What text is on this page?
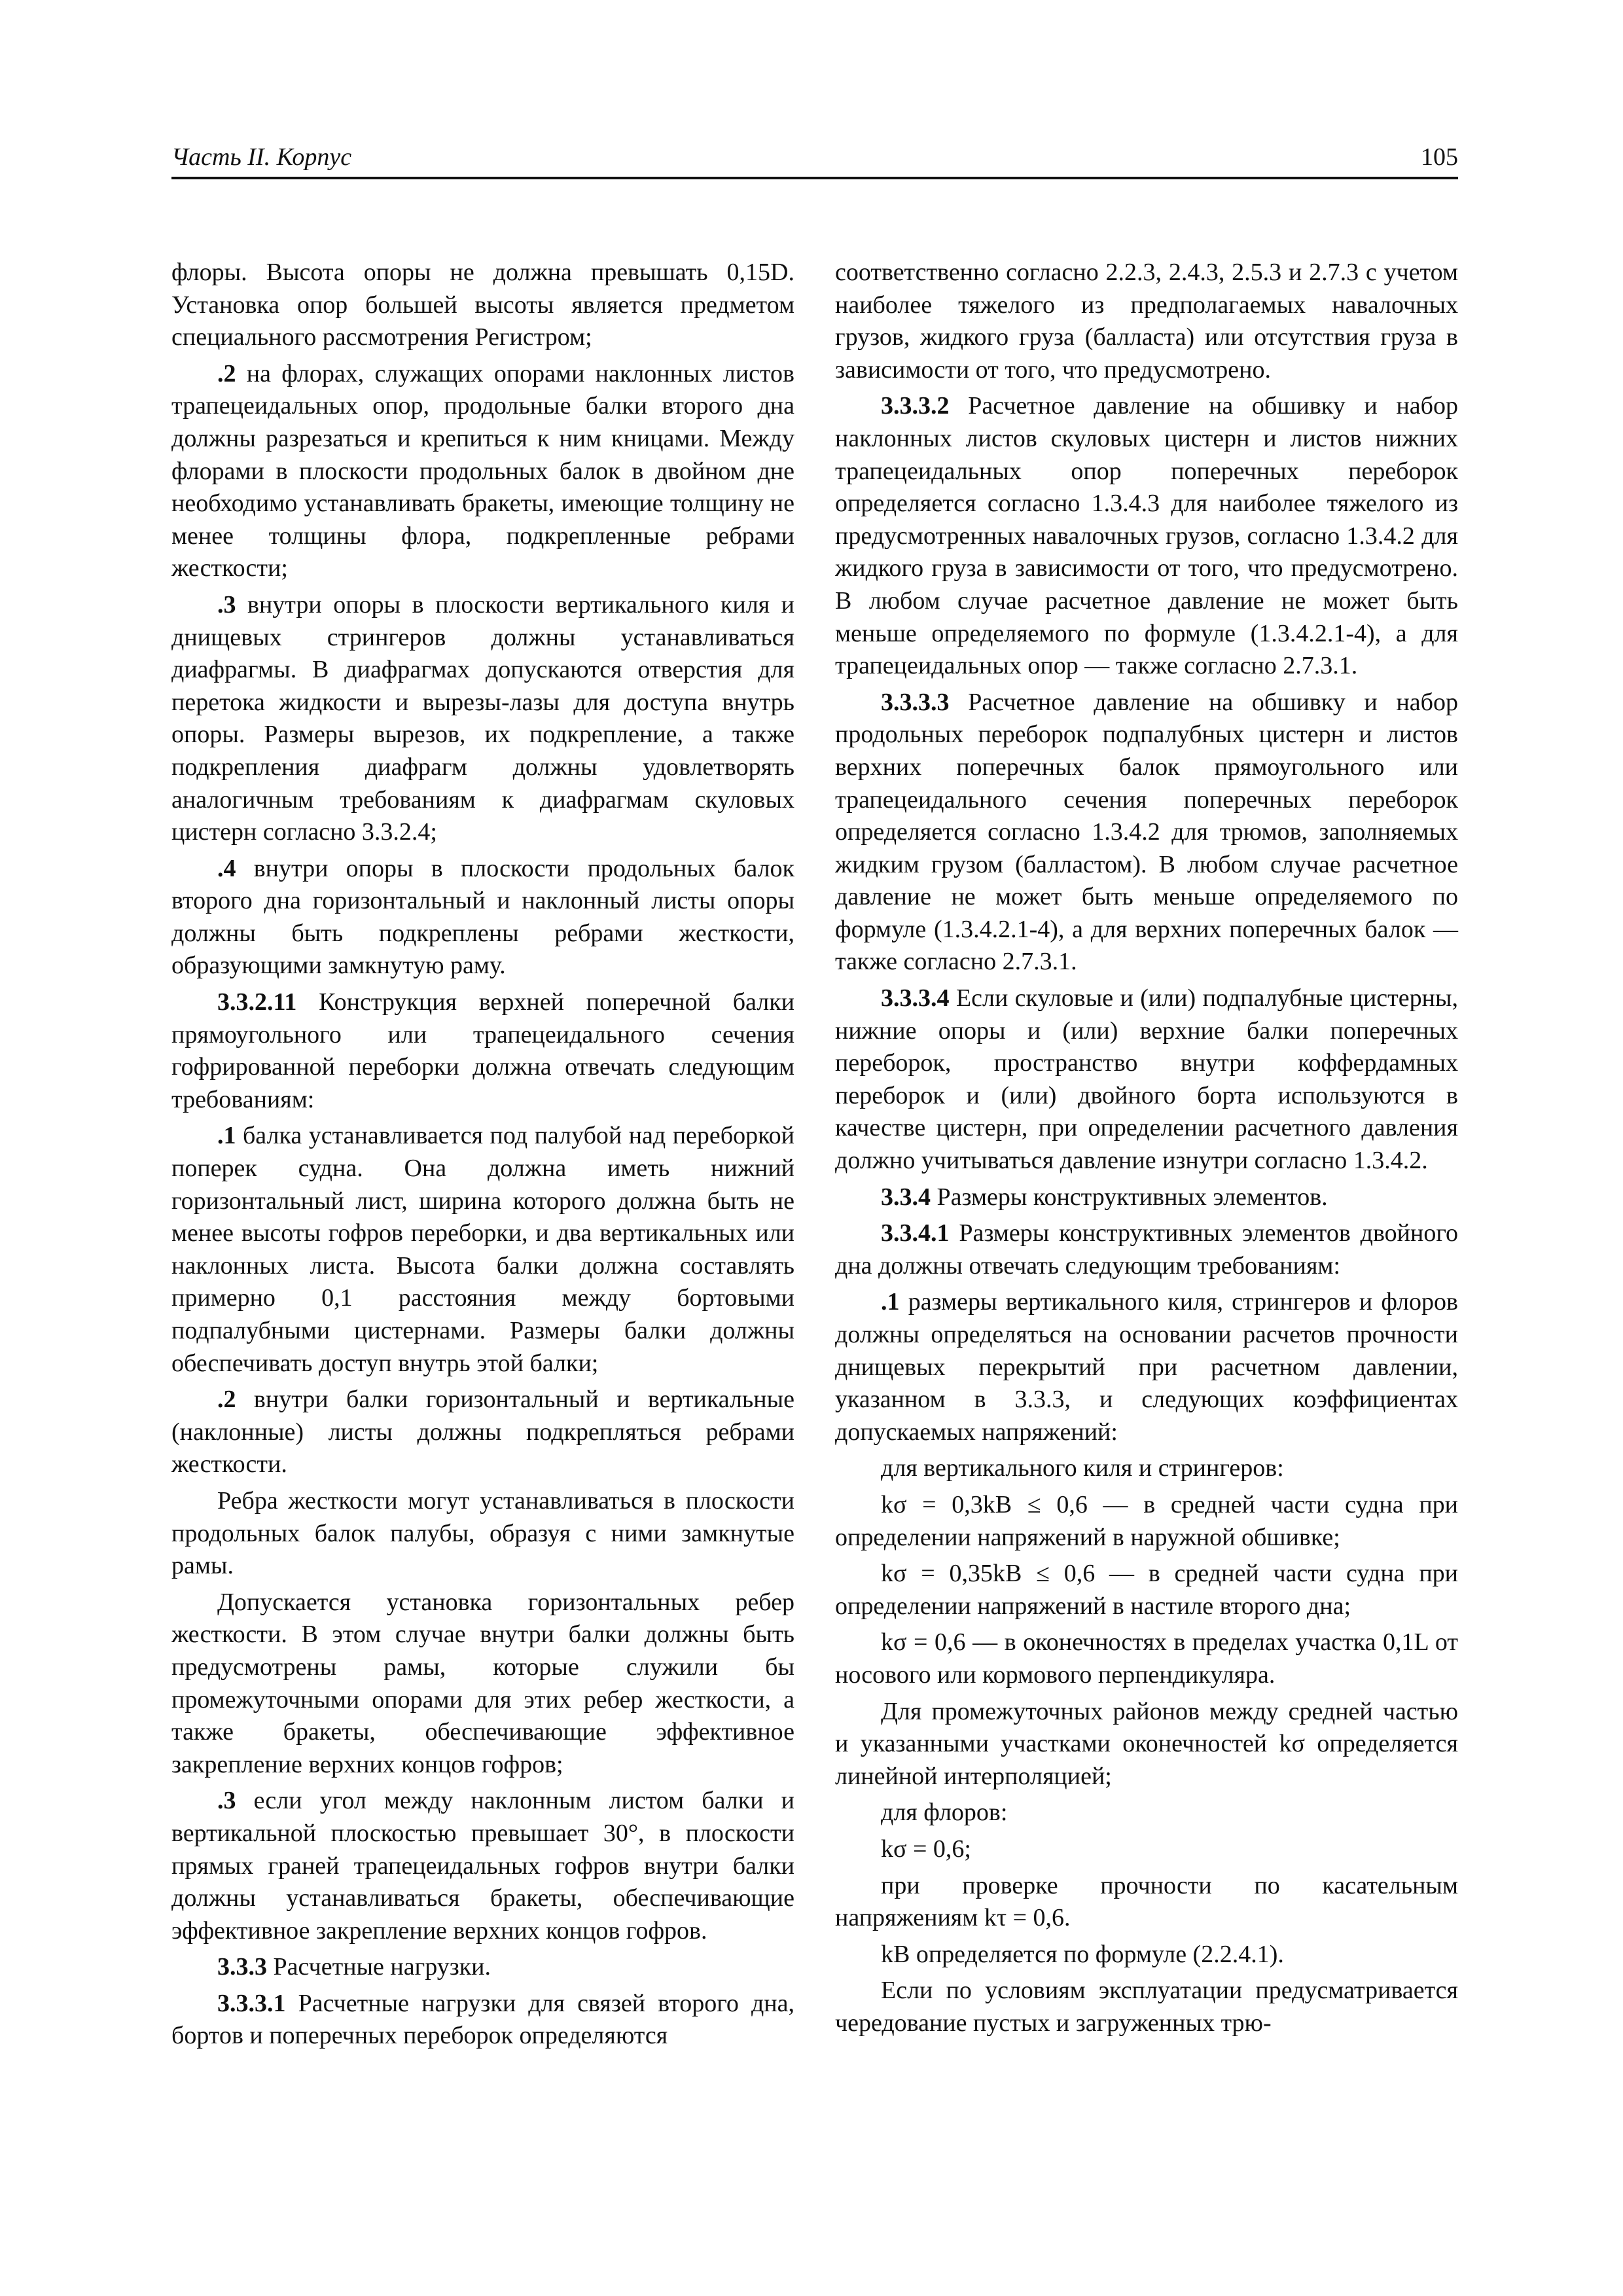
Часть II. Корпус	105

флоры. Высота опоры не должна превышать 0,15D. Установка опор большей высоты является предметом специального рассмотрения Регистром;

.2 на флорах, служащих опорами наклонных листов трапецеидальных опор, продольные балки второго дна должны разрезаться и крепиться к ним кницами. Между флорами в плоскости продольных балок в двойном дне необходимо устанавливать бракеты, имеющие толщину не менее толщины флора, подкрепленные ребрами жесткости;

.3 внутри опоры в плоскости вертикального киля и днищевых стрингеров должны устанавливаться диафрагмы. В диафрагмах допускаются отверстия для перетока жидкости и вырезы-лазы для доступа внутрь опоры. Размеры вырезов, их подкрепление, а также подкрепления диафрагм должны удовлетворять аналогичным требованиям к диафрагмам скуловых цистерн согласно 3.3.2.4;

.4 внутри опоры в плоскости продольных балок второго дна горизонтальный и наклонный листы опоры должны быть подкреплены ребрами жесткости, образующими замкнутую раму.

3.3.2.11 Конструкция верхней поперечной балки прямоугольного или трапецеидального сечения гофрированной переборки должна отвечать следующим требованиям:

.1 балка устанавливается под палубой над переборкой поперек судна. Она должна иметь нижний горизонтальный лист, ширина которого должна быть не менее высоты гофров переборки, и два вертикальных или наклонных листа. Высота балки должна составлять примерно 0,1 расстояния между бортовыми подпалубными цистернами. Размеры балки должны обеспечивать доступ внутрь этой балки;

.2 внутри балки горизонтальный и вертикальные (наклонные) листы должны подкрепляться ребрами жесткости.

Ребра жесткости могут устанавливаться в плоскости продольных балок палубы, образуя с ними замкнутые рамы.

Допускается установка горизонтальных ребер жесткости. В этом случае внутри балки должны быть предусмотрены рамы, которые служили бы промежуточными опорами для этих ребер жесткости, а также бракеты, обеспечивающие эффективное закрепление верхних концов гофров;

.3 если угол между наклонным листом балки и вертикальной плоскостью превышает 30°, в плоскости прямых граней трапецеидальных гофров внутри балки должны устанавливаться бракеты, обеспечивающие эффективное закрепление верхних концов гофров.

3.3.3 Расчетные нагрузки.

3.3.3.1 Расчетные нагрузки для связей второго дна, бортов и поперечных переборок определяются

соответственно согласно 2.2.3, 2.4.3, 2.5.3 и 2.7.3 с учетом наиболее тяжелого из предполагаемых навалочных грузов, жидкого груза (балласта) или отсутствия груза в зависимости от того, что предусмотрено.

3.3.3.2 Расчетное давление на обшивку и набор наклонных листов скуловых цистерн и листов нижних трапецеидальных опор поперечных переборок определяется согласно 1.3.4.3 для наиболее тяжелого из предусмотренных навалочных грузов, согласно 1.3.4.2 для жидкого груза в зависимости от того, что предусмотрено. В любом случае расчетное давление не может быть меньше определяемого по формуле (1.3.4.2.1-4), а для трапецеидальных опор — также согласно 2.7.3.1.

3.3.3.3 Расчетное давление на обшивку и набор продольных переборок подпалубных цистерн и листов верхних поперечных балок прямоугольного или трапецеидального сечения поперечных переборок определяется согласно 1.3.4.2 для трюмов, заполняемых жидким грузом (балластом). В любом случае расчетное давление не может быть меньше определяемого по формуле (1.3.4.2.1-4), а для верхних поперечных балок — также согласно 2.7.3.1.

3.3.3.4 Если скуловые и (или) подпалубные цистерны, нижние опоры и (или) верхние балки поперечных переборок, пространство внутри коффердамных переборок и (или) двойного борта используются в качестве цистерн, при определении расчетного давления должно учитываться давление изнутри согласно 1.3.4.2.

3.3.4 Размеры конструктивных элементов.

3.3.4.1 Размеры конструктивных элементов двойного дна должны отвечать следующим требованиям:

.1 размеры вертикального киля, стрингеров и флоров должны определяться на основании расчетов прочности днищевых перекрытий при расчетном давлении, указанном в 3.3.3, и следующих коэффициентах допускаемых напряжений:

для вертикального киля и стрингеров:

kσ = 0,3kB ≤ 0,6 — в средней части судна при определении напряжений в наружной обшивке;

kσ = 0,35kB ≤ 0,6 — в средней части судна при определении напряжений в настиле второго дна;

kσ = 0,6 — в оконечностях в пределах участка 0,1L от носового или кормового перпендикуляра.

Для промежуточных районов между средней частью и указанными участками оконечностей kσ определяется линейной интерполяцией;

для флоров:

kσ = 0,6;

при проверке прочности по касательным напряжениям kτ = 0,6.

kB определяется по формуле (2.2.4.1).

Если по условиям эксплуатации предусматривается чередование пустых и загруженных трю-
